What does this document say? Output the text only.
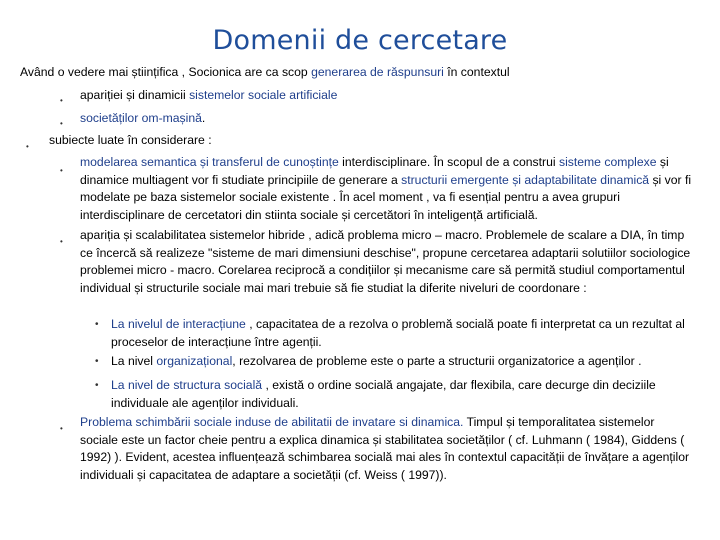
Domenii de cercetare
Având o vedere mai științifica , Socionica are ca scop generarea de răspunsuri în contextul
• apariției și dinamicii sistemelor sociale artificiale
• societăților om-mașină.
• subiecte luate în considerare :
•
modelarea semantica și transferul de cunoștințe interdisciplinare. În scopul de a construi sisteme complexe și dinamice multiagent vor fi studiate principiile de generare a structurii emergente și adaptabilitate dinamică și vor fi modelate pe baza sistemelor sociale existente . În acel moment , va fi esențial pentru a avea grupuri interdisciplinare de cercetatori din stiinta sociale și cercetători în inteligență artificială.
• apariția și scalabilitatea sistemelor hibride , adică problema micro – macro. Problemele de scalare a DIA, în timp ce încercă să realizeze "sisteme de mari dimensiuni deschise", propune cercetarea adaptarii solutiilor sociologice problemei micro - macro. Corelarea reciprocă a condițiilor și mecanisme care să permită studiul comportamentul individual și structurile sociale mai mari trebuie să fie studiat la diferite niveluri de coordonare :
• La nivelul de interacțiune , capacitatea de a rezolva o problemă socială poate fi interpretat ca un rezultat al proceselor de interacțiune între agenții.
• La nivel organizațional, rezolvarea de probleme este o parte a structurii organizatorice a agenților .
• La nivel de structura socială , există o ordine socială angajate, dar flexibila, care decurge din deciziile individuale ale agenților individuali.
• Problema schimbării sociale induse de abilitatii de invatare si dinamica. Timpul și temporalitatea sistemelor sociale este un factor cheie pentru a explica dinamica și stabilitatea societăților ( cf. Luhmann ( 1984), Giddens ( 1992) ). Evident, acestea influențează schimbarea socială mai ales în contextul capacității de învățare a agenților individuali și capacitatea de adaptare a societății (cf. Weiss ( 1997)).
